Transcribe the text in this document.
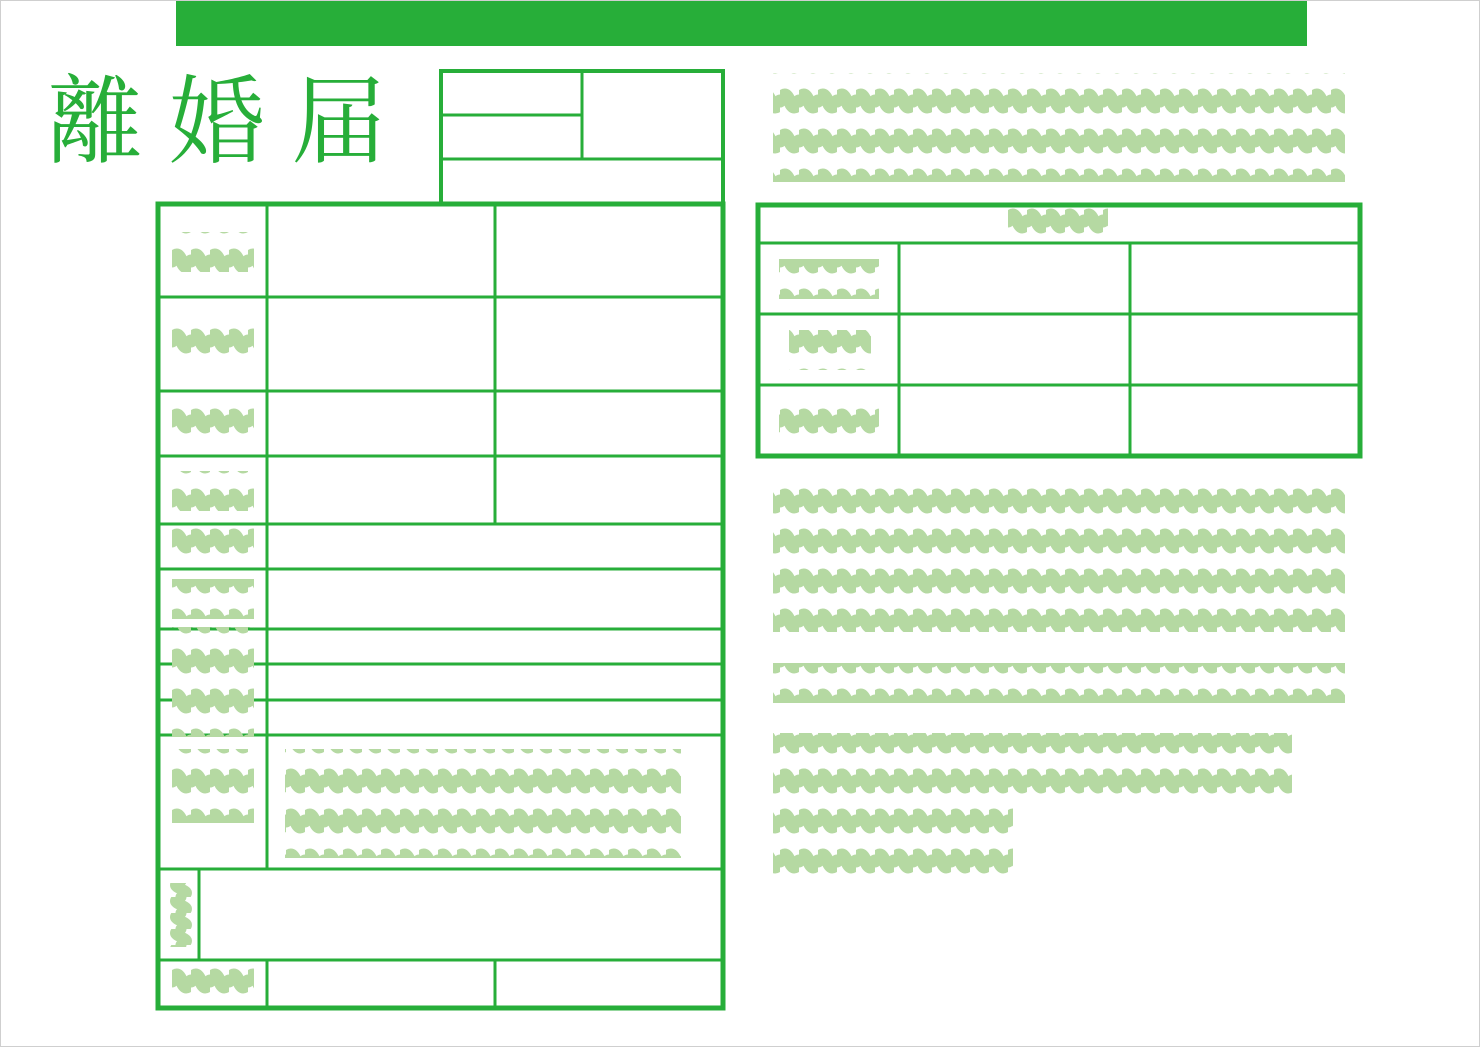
離婚届
